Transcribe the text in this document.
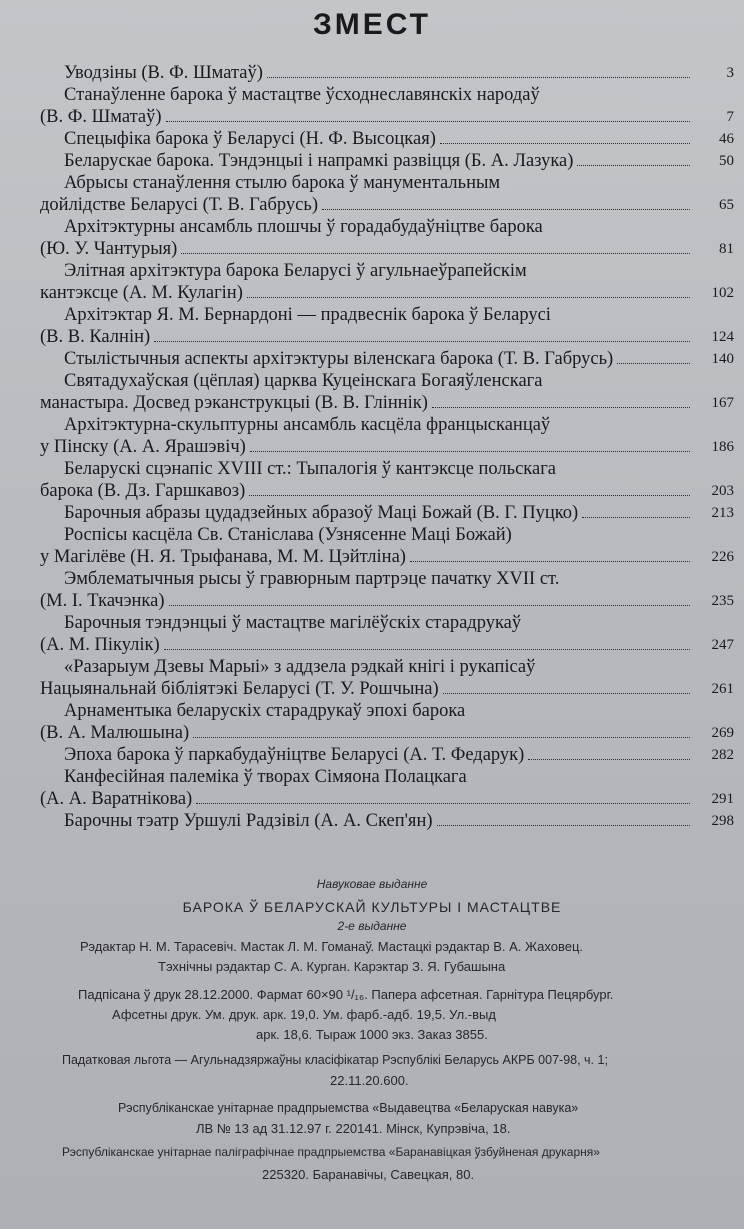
ЗМЕСТ
Уводзіны (В. Ф. Шматаў)	3
Станаўленне барока ў мастацтве ўсходнеславянскіх народаў
(В. Ф. Шматаў)	7
Спецыфіка барока ў Беларусі (Н. Ф. Высоцкая)	46
Беларускае барока. Тэндэнцыі і напрамкі развіцця (Б. А. Лазука)	50
Абрысы станаўлення стылю барока ў манументальным
дойлідстве Беларусі (Т. В. Габрусь)	65
Архітэктурны ансамбль плошчы ў горадабудаўніцтве барока
(Ю. У. Чантурыя)	81
Элітная архітэктура барока Беларусі ў агульнаеўрапейскім
кантэксце (А. М. Кулагін)	102
Архітэктар Я. М. Бернардоні — прадвеснік барока ў Беларусі
(В. В. Калнін)	124
Стылістычныя аспекты архітэктуры віленскага барока (Т. В. Габрусь)	140
Святадухаўская (цёплая) царква Куцеінскага Богаяўленскага
манастыра. Досвед рэканструкцыі (В. В. Гліннік)	167
Архітэктурна-скульптурны ансамбль касцёла францысканцаў
у Пінску (А. А. Ярашэвіч)	186
Беларускі сцэнапіс XVIII ст.: Тыпалогія ў кантэксце польскага
барока (В. Дз. Гаршкавоз)	203
Барочныя абразы цудадзейных абразоў Маці Божай (В. Г. Пуцко)	213
Роспісы касцёла Св. Станіслава (Узнясенне Маці Божай)
у Магілёве (Н. Я. Трыфанава, М. М. Цэйтліна)	226
Эмблематычныя рысы ў гравюрным партрэце пачатку XVII ст.
(М. І. Ткачэнка)	235
Барочныя тэндэнцыі ў мастацтве магілёўскіх старадрукаў
(А. М. Пікулік)	247
«Разарыум Дзевы Марыі» з аддзела рэдкай кнігі і рукапісаў
Нацыянальнай бібліятэкі Беларусі (Т. У. Рошчына)	261
Арнаментыка беларускіх старадрукаў эпохі барока
(В. А. Малюшына)	269
Эпоха барока ў паркабудаўніцтве Беларусі (А. Т. Федарук)	282
Канфесійная палеміка ў творах Сімяона Полацкага
(А. А. Варатнікова)	291
Барочны тэатр Уршулі Радзівіл (А. А. Скеп'ян)	298
Навуковае выданне
БАРОКА Ў БЕЛАРУСКАЙ КУЛЬТУРЫ І МАСТАЦТВЕ
2-е выданне
Рэдактар Н. М. Тарасевіч. Мастак Л. М. Гоманаў. Мастацкі рэдактар В. А. Жаховец.
Тэхнічны рэдактар С. А. Курган. Карэктар З. Я. Губашына
Падпісана ў друк 28.12.2000. Фармат 60×90 ¹/₁₆. Папера афсетная. Гарнітура Пецярбург.
Афсетны друк. Ум. друк. арк. 19,0. Ум. фарб.-адб. 19,5. Ул.-выд
арк. 18,6. Тыраж 1000 экз. Заказ 3855.
Падатковая льгота — Агульнадзяржаўны класіфікатар Рэспублікі Беларусь АКРБ 007-98, ч. 1;
22.11.20.600.
Рэспубліканскае унітарнае прадпрыемства «Выдавецтва «Беларуская навука»
ЛВ № 13 ад 31.12.97 г. 220141. Мінск, Купрэвіча, 18.
Рэспубліканскае унітарнае паліграфічнае прадпрыемства «Баранавіцкая ўзбуйненая друкарня»
225320. Баранавічы, Савецкая, 80.
